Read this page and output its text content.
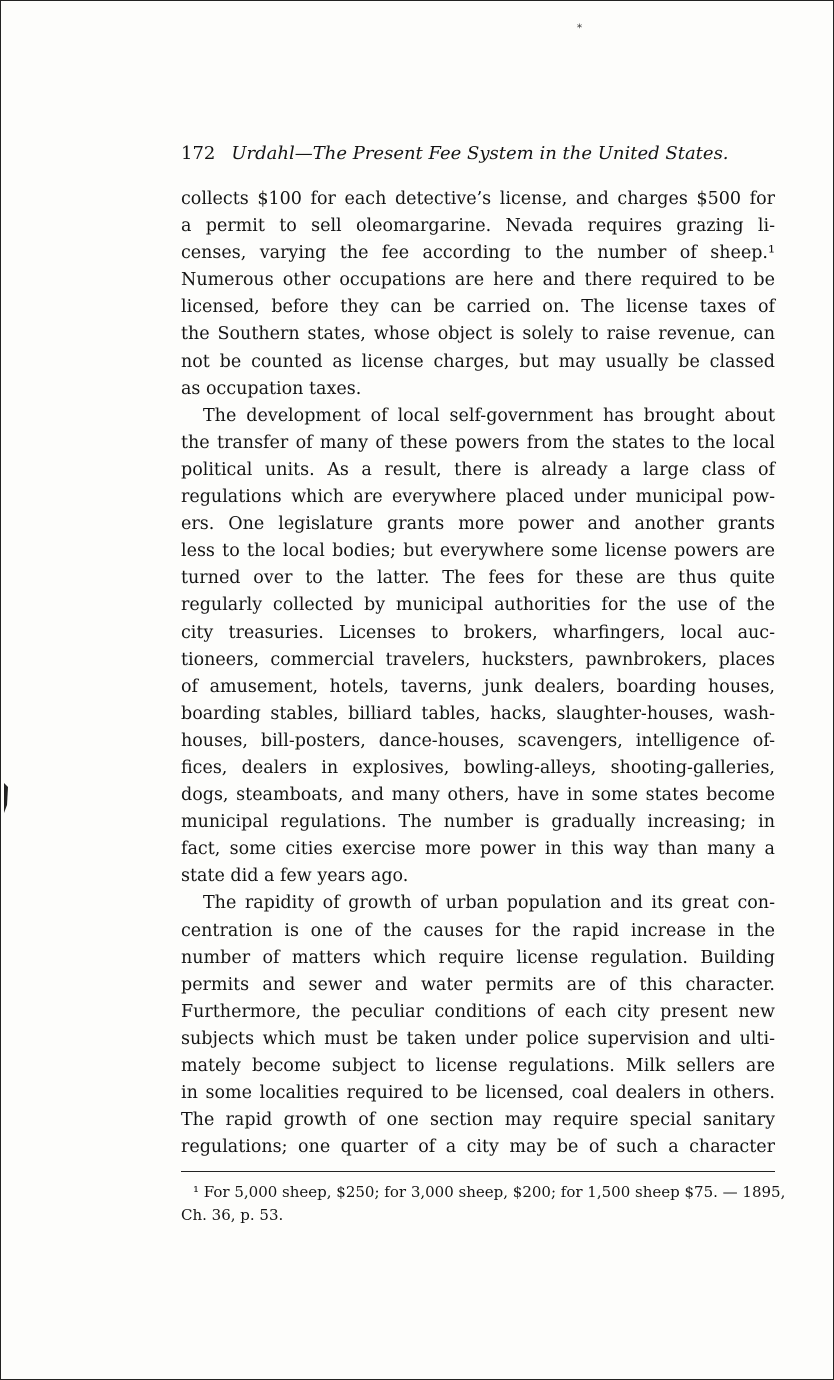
*
172 Urdahl—The Present Fee System in the United States.
collects $100 for each detective’s license, and charges $500 for
a permit to sell oleomargarine. Nevada requires grazing li-
censes, varying the fee according to the number of sheep.¹
Numerous other occupations are here and there required to be
licensed, before they can be carried on. The license taxes of
the Southern states, whose object is solely to raise revenue, can
not be counted as license charges, but may usually be classed
as occupation taxes.
The development of local self-government has brought about
the transfer of many of these powers from the states to the local
political units. As a result, there is already a large class of
regulations which are everywhere placed under municipal pow-
ers. One legislature grants more power and another grants
less to the local bodies; but everywhere some license powers are
turned over to the latter. The fees for these are thus quite
regularly collected by municipal authorities for the use of the
city treasuries. Licenses to brokers, wharfingers, local auc-
tioneers, commercial travelers, hucksters, pawnbrokers, places
of amusement, hotels, taverns, junk dealers, boarding houses,
boarding stables, billiard tables, hacks, slaughter-houses, wash-
houses, bill-posters, dance-houses, scavengers, intelligence of-
fices, dealers in explosives, bowling-alleys, shooting-galleries,
dogs, steamboats, and many others, have in some states become
municipal regulations. The number is gradually increasing; in
fact, some cities exercise more power in this way than many a
state did a few years ago.
The rapidity of growth of urban population and its great con-
centration is one of the causes for the rapid increase in the
number of matters which require license regulation. Building
permits and sewer and water permits are of this character.
Furthermore, the peculiar conditions of each city present new
subjects which must be taken under police supervision and ulti-
mately become subject to license regulations. Milk sellers are
in some localities required to be licensed, coal dealers in others.
The rapid growth of one section may require special sanitary
regulations; one quarter of a city may be of such a character
¹ For 5,000 sheep, $250; for 3,000 sheep, $200; for 1,500 sheep $75. — 1895,
Ch. 36, p. 53.
